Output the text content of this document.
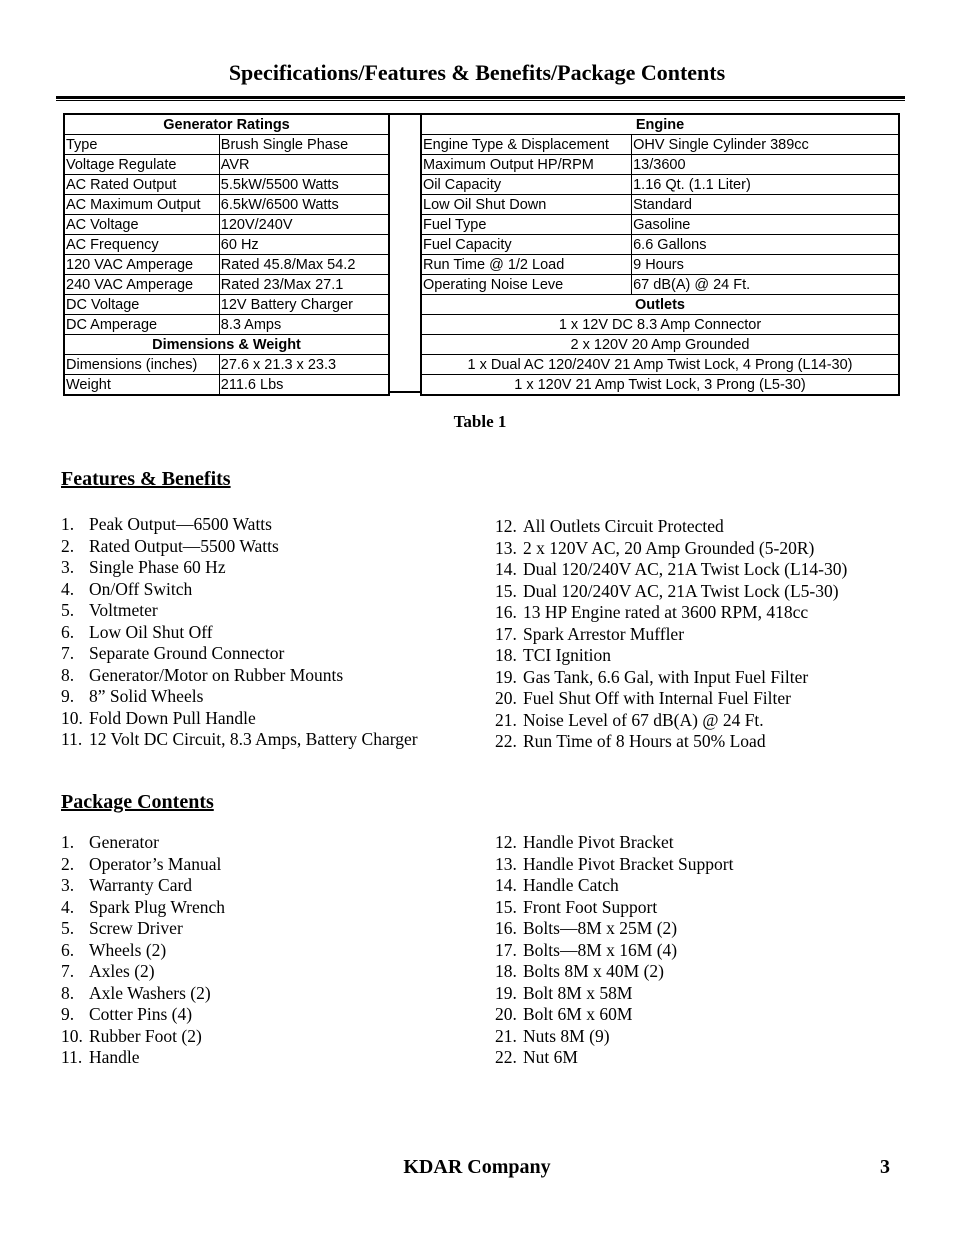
Specifications/Features & Benefits/Package Contents
Generator Ratings	
Type	Brush Single Phase
Voltage Regulate	AVR
AC Rated Output	5.5kW/5500 Watts
AC Maximum Output	6.5kW/6500 Watts
AC Voltage	120V/240V
AC Frequency	60 Hz
120 VAC Amperage	Rated 45.8/Max 54.2
240 VAC Amperage	Rated 23/Max 27.1
DC Voltage	12V Battery Charger
DC Amperage	8.3 Amps
Dimensions & Weight	
Dimensions (inches)	27.6 x 21.3 x 23.3
Weight	211.6 Lbs
Engine	
Engine Type & Displacement	OHV Single Cylinder 389cc
Maximum Output HP/RPM	13/3600
Oil Capacity	1.16 Qt. (1.1 Liter)
Low Oil Shut Down	Standard
Fuel Type	Gasoline
Fuel Capacity	6.6 Gallons
Run Time @ 1/2 Load	9 Hours
Operating Noise Leve	67 dB(A) @ 24 Ft.
Outlets	
1 x 12V DC 8.3 Amp Connector	
2 x 120V 20 Amp Grounded	
1 x Dual AC 120/240V 21 Amp Twist Lock, 4 Prong (L14-30)	
1 x 120V 21 Amp Twist Lock, 3 Prong (L5-30)	
Table 1
Features & Benefits
1. Peak Output—6500 Watts
2. Rated Output—5500 Watts
3. Single Phase 60 Hz
4. On/Off Switch
5. Voltmeter
6. Low Oil Shut Off
7. Separate Ground Connector
8. Generator/Motor on Rubber Mounts
9. 8” Solid Wheels
10. Fold Down Pull Handle
11. 12 Volt DC Circuit, 8.3 Amps, Battery Charger
12. All Outlets Circuit Protected
13. 2 x 120V AC, 20 Amp Grounded (5-20R)
14. Dual 120/240V AC, 21A Twist Lock (L14-30)
15. Dual 120/240V AC, 21A Twist Lock (L5-30)
16. 13 HP Engine rated at 3600 RPM, 418cc
17. Spark Arrestor Muffler
18. TCI Ignition
19. Gas Tank, 6.6 Gal, with Input Fuel Filter
20. Fuel Shut Off with Internal Fuel Filter
21. Noise Level of 67 dB(A) @ 24 Ft.
22. Run Time of 8 Hours at 50% Load
Package Contents
1. Generator
2. Operator’s Manual
3. Warranty Card
4. Spark Plug Wrench
5. Screw Driver
6. Wheels (2)
7. Axles (2)
8. Axle Washers (2)
9. Cotter Pins (4)
10. Rubber Foot (2)
11. Handle
12. Handle Pivot Bracket
13. Handle Pivot Bracket Support
14. Handle Catch
15. Front Foot Support
16. Bolts—8M x 25M (2)
17. Bolts—8M x 16M (4)
18. Bolts 8M x 40M (2)
19. Bolt 8M x 58M
20. Bolt 6M x 60M
21. Nuts 8M (9)
22. Nut 6M
KDAR Company	3
